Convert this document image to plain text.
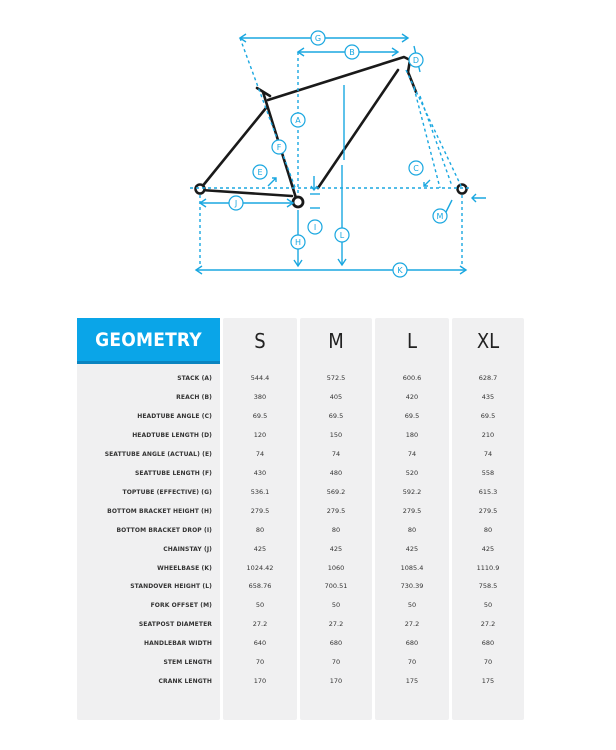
G
B
D
A
F
E	C
J
I
H
L
M
K
GEOMETRY	S	M	L	XL
STACK (A)	544.4	572.5	600.6	628.7
REACH (B)	380	405	420	435
HEADTUBE ANGLE (C)	69.5	69.5	69.5	69.5
HEADTUBE LENGTH (D)	120	150	180	210
SEATTUBE ANGLE (ACTUAL) (E)	74	74	74	74
SEATTUBE LENGTH (F)	430	480	520	558
TOPTUBE (EFFECTIVE) (G)	536.1	569.2	592.2	615.3
BOTTOM BRACKET HEIGHT (H)	279.5	279.5	279.5	279.5
BOTTOM BRACKET DROP (I)	80	80	80	80
CHAINSTAY (J)	425	425	425	425
WHEELBASE (K)	1024.42	1060	1085.4	1110.9
STANDOVER HEIGHT (L)	658.76	700.51	730.39	758.5
FORK OFFSET (M)	50	50	50	50
SEATPOST DIAMETER	27.2	27.2	27.2	27.2
HANDLEBAR WIDTH	640	680	680	680
STEM LENGTH	70	70	70	70
CRANK LENGTH	170	170	175	175
